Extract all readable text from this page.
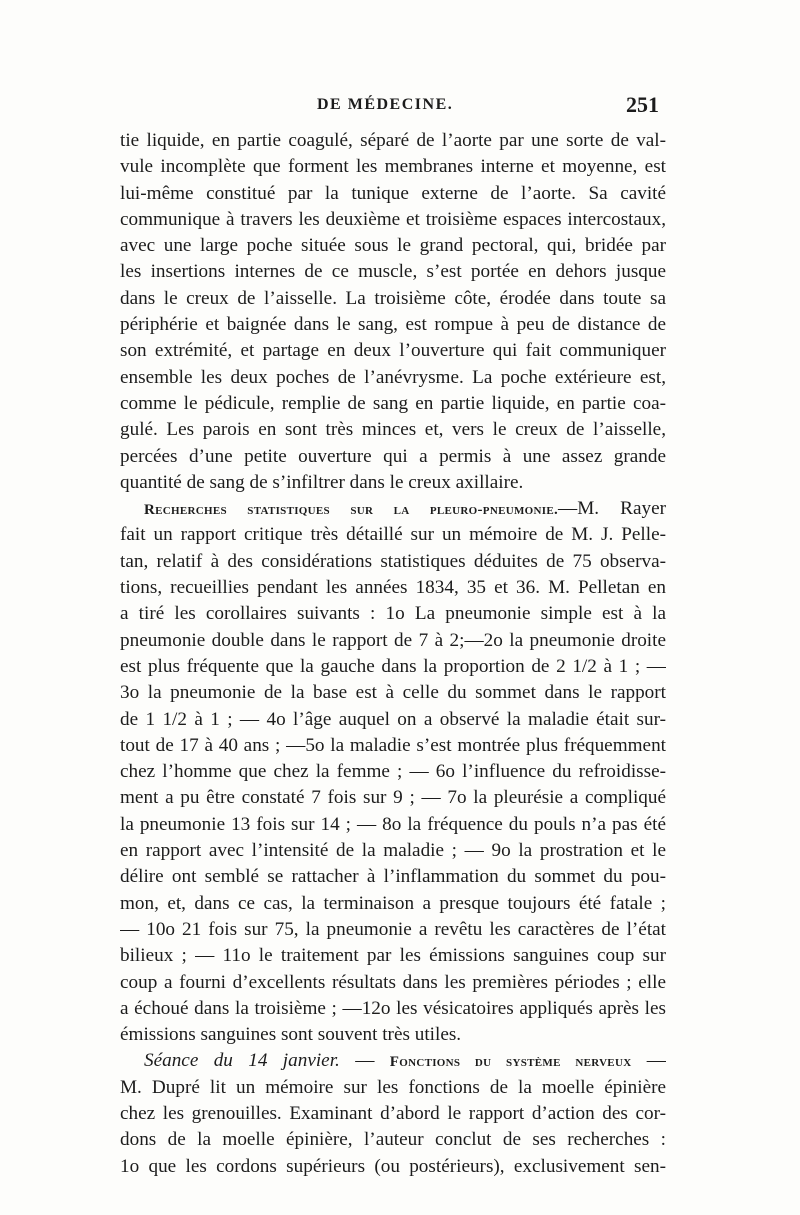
DE MÉDECINE.	251
tie liquide, en partie coagulé, séparé de l’aorte par une sorte de val-
vule incomplète que forment les membranes interne et moyenne, est
lui-même constitué par la tunique externe de l’aorte. Sa cavité
communique à travers les deuxième et troisième espaces intercostaux,
avec une large poche située sous le grand pectoral, qui, bridée par
les insertions internes de ce muscle, s’est portée en dehors jusque
dans le creux de l’aisselle. La troisième côte, érodée dans toute sa
périphérie et baignée dans le sang, est rompue à peu de distance de
son extrémité, et partage en deux l’ouverture qui fait communiquer
ensemble les deux poches de l’anévrysme. La poche extérieure est,
comme le pédicule, remplie de sang en partie liquide, en partie coa-
gulé. Les parois en sont très minces et, vers le creux de l’aisselle,
percées d’une petite ouverture qui a permis à une assez grande
quantité de sang de s’infiltrer dans le creux axillaire.
Recherches statistiques sur la pleuro-pneumonie.—M. Rayer
fait un rapport critique très détaillé sur un mémoire de M. J. Pelle-
tan, relatif à des considérations statistiques déduites de 75 observa-
tions, recueillies pendant les années 1834, 35 et 36. M. Pelletan en
a tiré les corollaires suivants : 1o La pneumonie simple est à la
pneumonie double dans le rapport de 7 à 2;—2o la pneumonie droite
est plus fréquente que la gauche dans la proportion de 2 1/2 à 1 ; —
3o la pneumonie de la base est à celle du sommet dans le rapport
de 1 1/2 à 1 ; — 4o l’âge auquel on a observé la maladie était sur-
tout de 17 à 40 ans ; —5o la maladie s’est montrée plus fréquemment
chez l’homme que chez la femme ; — 6o l’influence du refroidisse-
ment a pu être constaté 7 fois sur 9 ; — 7o la pleurésie a compliqué
la pneumonie 13 fois sur 14 ; — 8o la fréquence du pouls n’a pas été
en rapport avec l’intensité de la maladie ; — 9o la prostration et le
délire ont semblé se rattacher à l’inflammation du sommet du pou-
mon, et, dans ce cas, la terminaison a presque toujours été fatale ;
— 10o 21 fois sur 75, la pneumonie a revêtu les caractères de l’état
bilieux ; — 11o le traitement par les émissions sanguines coup sur
coup a fourni d’excellents résultats dans les premières périodes ; elle
a échoué dans la troisième ; —12o les vésicatoires appliqués après les
émissions sanguines sont souvent très utiles.
Séance du 14 janvier. — Fonctions du système nerveux —
M. Dupré lit un mémoire sur les fonctions de la moelle épinière
chez les grenouilles. Examinant d’abord le rapport d’action des cor-
dons de la moelle épinière, l’auteur conclut de ses recherches :
1o que les cordons supérieurs (ou postérieurs), exclusivement sen-
